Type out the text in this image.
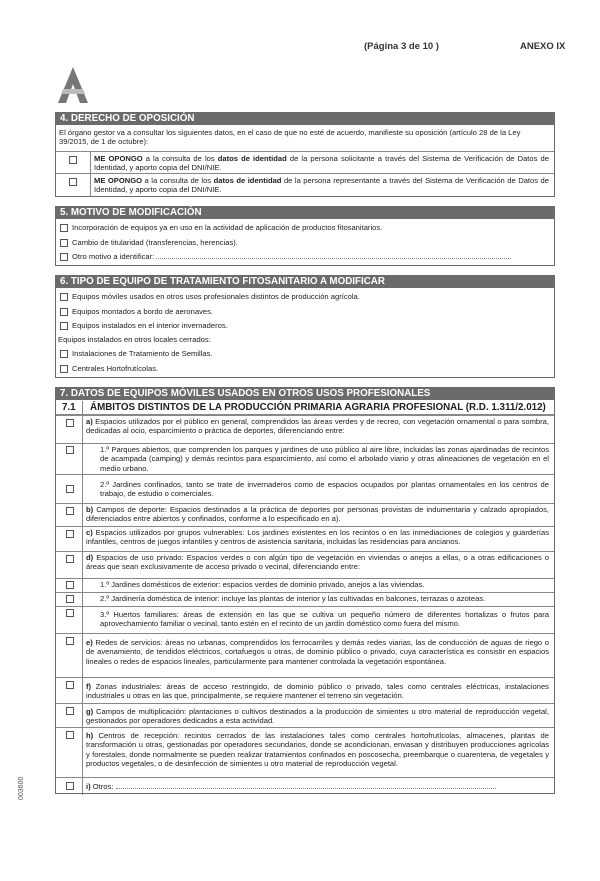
(Página 3 de 10 )	ANEXO IX
4. DERECHO DE OPOSICIÓN
El órgano gestor va a consultar los siguientes datos, en el caso de que no esté de acuerdo, manifieste su oposición (artículo 28 de la Ley 39/2015, de 1 de octubre):
ME OPONGO a la consulta de los datos de identidad de la persona solicitante a través del Sistema de Verificación de Datos de Identidad, y aporto copia del DNI/NIE.
ME OPONGO a la consulta de los datos de identidad de la persona representante a través del Sistema de Verificación de Datos de Identidad, y aporto copia del DNI/NIE.
5. MOTIVO DE MODIFICACIÓN
Incorporación de equipos ya en uso en la actividad de aplicación de productos fitosanitarios.
Cambio de titularidad (transferencias, herencias).
Otro motivo a identificar:
6. TIPO DE EQUIPO DE TRATAMIENTO FITOSANITARIO A MODIFICAR
Equipos móviles usados en otros usos profesionales distintos de producción agrícola.
Equipos montados a bordo de aeronaves.
Equipos instalados en el interior invernaderos.
Equipos instalados en otros locales cerrados:
Instalaciones de Tratamiento de Semillas.
Centrales Hortofrutícolas.
7. DATOS DE EQUIPOS MÓVILES USADOS EN OTROS USOS PROFESIONALES
7.1 ÁMBITOS DISTINTOS DE LA PRODUCCIÓN PRIMARIA AGRARIA PROFESIONAL (R.D. 1.311/2.012)
a) Espacios utilizados por el público en general, comprendidos las áreas verdes y de recreo, con vegetación ornamental o para sombra, dedicadas al ocio, esparcimiento o práctica de deportes, diferenciando entre:
1.º Parques abiertos, que comprenden los parques y jardines de uso público al aire libre, incluidas las zonas ajardinadas de recintos de acampada (camping) y demás recintos para esparcimiento, así como el arbolado viario y otras alineaciones de vegetación en el medio urbano.
2.º Jardines confinados, tanto se trate de invernaderos como de espacios ocupados por plantas ornamentales en los centros de trabajo, de estudio o comerciales.
b) Campos de deporte: Espacios destinados a la práctica de deportes por personas provistas de indumentaria y calzado apropiados, diferenciados entre abiertos y confinados, conforme a lo especificado en a).
c) Espacios utilizados por grupos vulnerables: Los jardines existentes en los recintos o en las inmediaciones de colegios y guarderías infantiles, centros de juegos infantiles y centros de asistencia sanitaria, incluidas las residencias para ancianos.
d) Espacios de uso privado: Espacios verdes o con algún tipo de vegetación en viviendas o anejos a ellas, o a otras edificaciones o áreas que sean exclusivamente de acceso privado o vecinal, diferenciando entre:
1.º Jardines domésticos de exterior: espacios verdes de dominio privado, anejos a las viviendas.
2.º Jardinería doméstica de interior: incluye las plantas de interior y las cultivadas en balcones, terrazas o azoteas.
3.º Huertos familiares: áreas de extensión en las que se cultiva un pequeño número de diferentes hortalizas o frutos para aprovechamiento familiar o vecinal, tanto estén en el recinto de un jardín doméstico como fuera del mismo.
e) Redes de servicios: áreas no urbanas, comprendidos los ferrocarriles y demás redes viarias, las de conducción de aguas de riego o de avenamiento, de tendidos eléctricos, cortafuegos u otras, de dominio público o privado, cuya característica es consistir en espacios lineales o redes de espacios lineales, particularmente para mantener controlada la vegetación espontánea.
f) Zonas industriales: áreas de acceso restringido, de dominio público o privado, tales como centrales eléctricas, instalaciones industriales u otras en las que, principalmente, se requiere mantener el terreno sin vegetación.
g) Campos de multiplicación: plantaciones o cultivos destinados a la producción de simientes u otro material de reproducción vegetal, gestionados por operadores dedicados a esta actividad.
h) Centros de recepción: recintos cerrados de las instalaciones tales como centrales hortofrutícolas, almacenes, plantas de transformación u otras, gestionadas por operadores secundarios, donde se acondicionan, envasan y distribuyen producciones agrícolas y forestales, donde normalmente se pueden realizar tratamientos confinados en poscosecha, preembarque o cuarentena, de vegetales y productos vegetales, o de desinfección de simientes u otro material de reproducción vegetal.
i) Otros:
003600
